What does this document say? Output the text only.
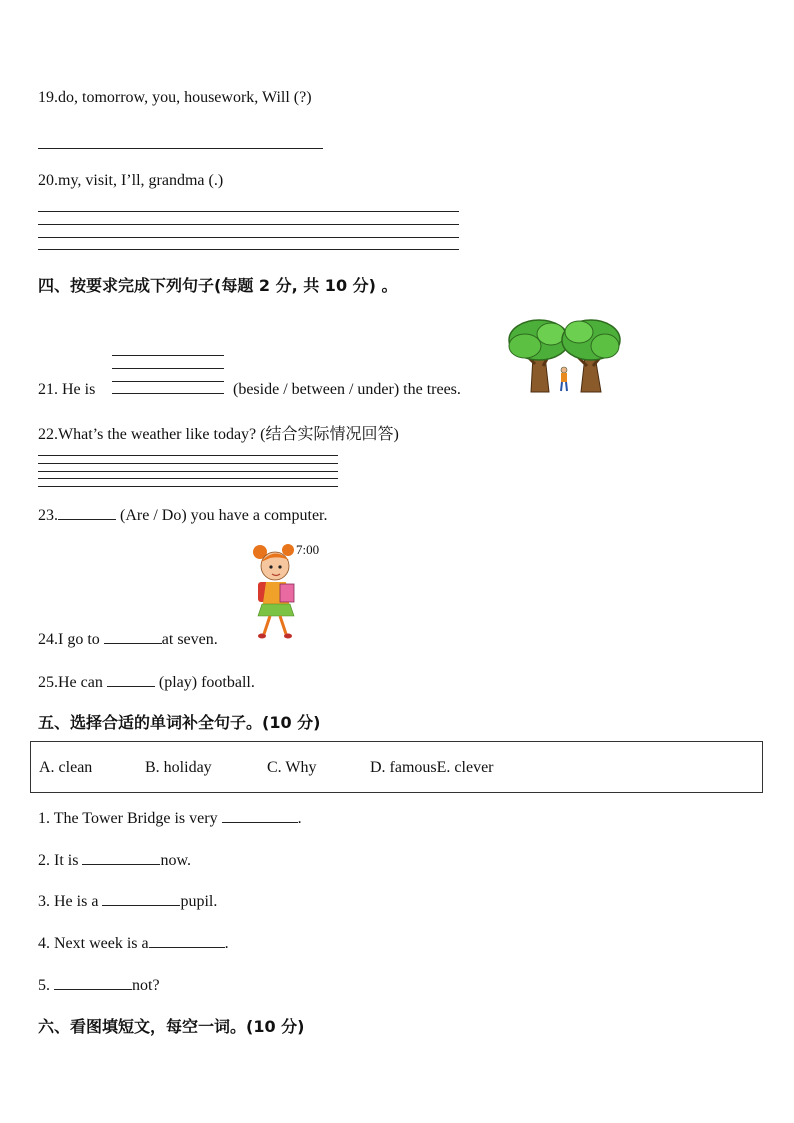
19.do, tomorrow, you, housework, Will (?)
20.my, visit, I’ll, grandma (.)
四、按要求完成下列句子(每题 2 分, 共 10 分) 。
21. He is	(beside / between / under) the trees.
22.What’s the weather like today? (结合实际情况回答)
23.	(Are / Do) you have a computer.
7:00
24.I go to	at seven.
25.He can	(play) football.
五、选择合适的单词补全句子。(10 分)
A. clean	B. holiday	C. Why	D. famousE. clever
1. The Tower Bridge is very	.
2. It is	now.
3. He is a	pupil.
4. Next week is a	.
5.	not?
六、看图填短文，每空一词。(10 分)
